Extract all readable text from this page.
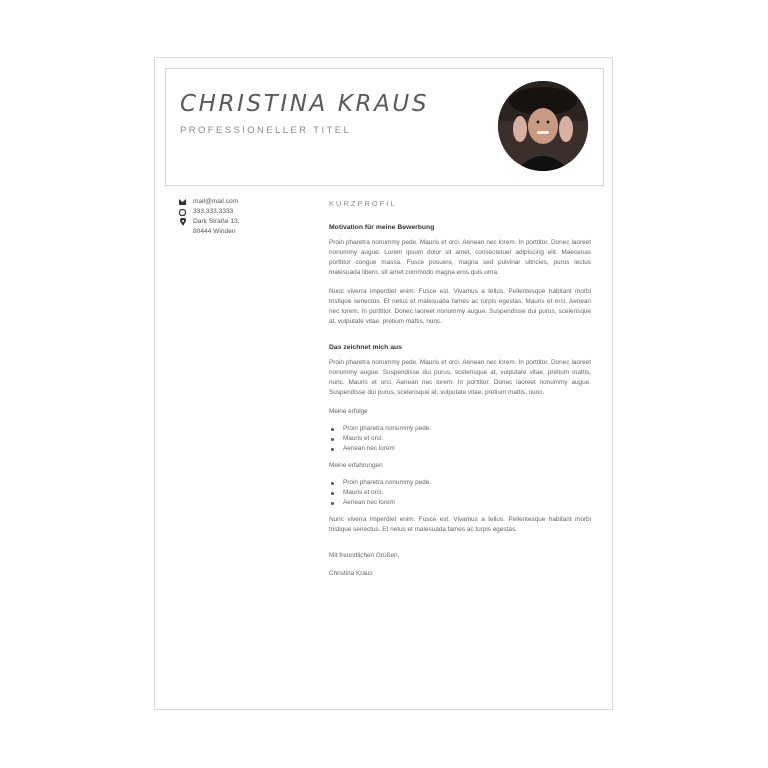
CHRISTINA KRAUS

PROFESSIONELLER TITEL

mail@mail.com
333.333.3333
Dark Straße 13,
80444 Winden

KURZPROFIL

Motivation für meine Bewerbung

Proin pharetra nonummy pede. Mauris et orci. Aenean nec lorem. In porttitor. Donec laoreet nonummy augue. Lorem ipsum dolor sit amet, consectetuer adipiscing elit. Maecenas porttitor congue massa. Fusce posuere, magna sed pulvinar ultricies, purus lectus malesuada libero, sit amet commodo magna eros quis urna.

Nunc viverra imperdiet enim. Fusce est. Vivamus a tellus. Pellentesque habitant morbi tristique senectus. Et netus et malesuada fames ac turpis egestas. Mauris et orci. Aenean nec lorem. In porttitor. Donec laoreet nonummy augue. Suspendisse dui purus, scelerisque at, vulputate vitae, pretium mattis, nunc.

Das zeichnet mich aus

Proin pharetra nonummy pede. Mauris et orci. Aenean nec lorem. In porttitor. Donec laoreet nonummy augue. Suspendisse dui purus, scelerisque at, vulputate vitae, pretium mattis, nunc. Mauris et orci. Aenean nec lorem. In porttitor. Donec laoreet nonummy augue. Suspendisse dui purus, scelerisque at, vulputate vitae, pretium mattis, nunc.

Meine erfolge

Proin pharetra nonummy pede.
Mauris et orci.
Aenean nec lorem

Meine erfahrungen

Proin pharetra nonummy pede.
Mauris et orci.
Aenean nec lorem

Nunc viverra imperdiet enim. Fusce est. Vivamus a tellus. Pellentesque habitant morbi tristique senectus. Et netus et malesuada fames ac turpis egestas.

Mit freundlichen Grüßen,

Christina Kraus
